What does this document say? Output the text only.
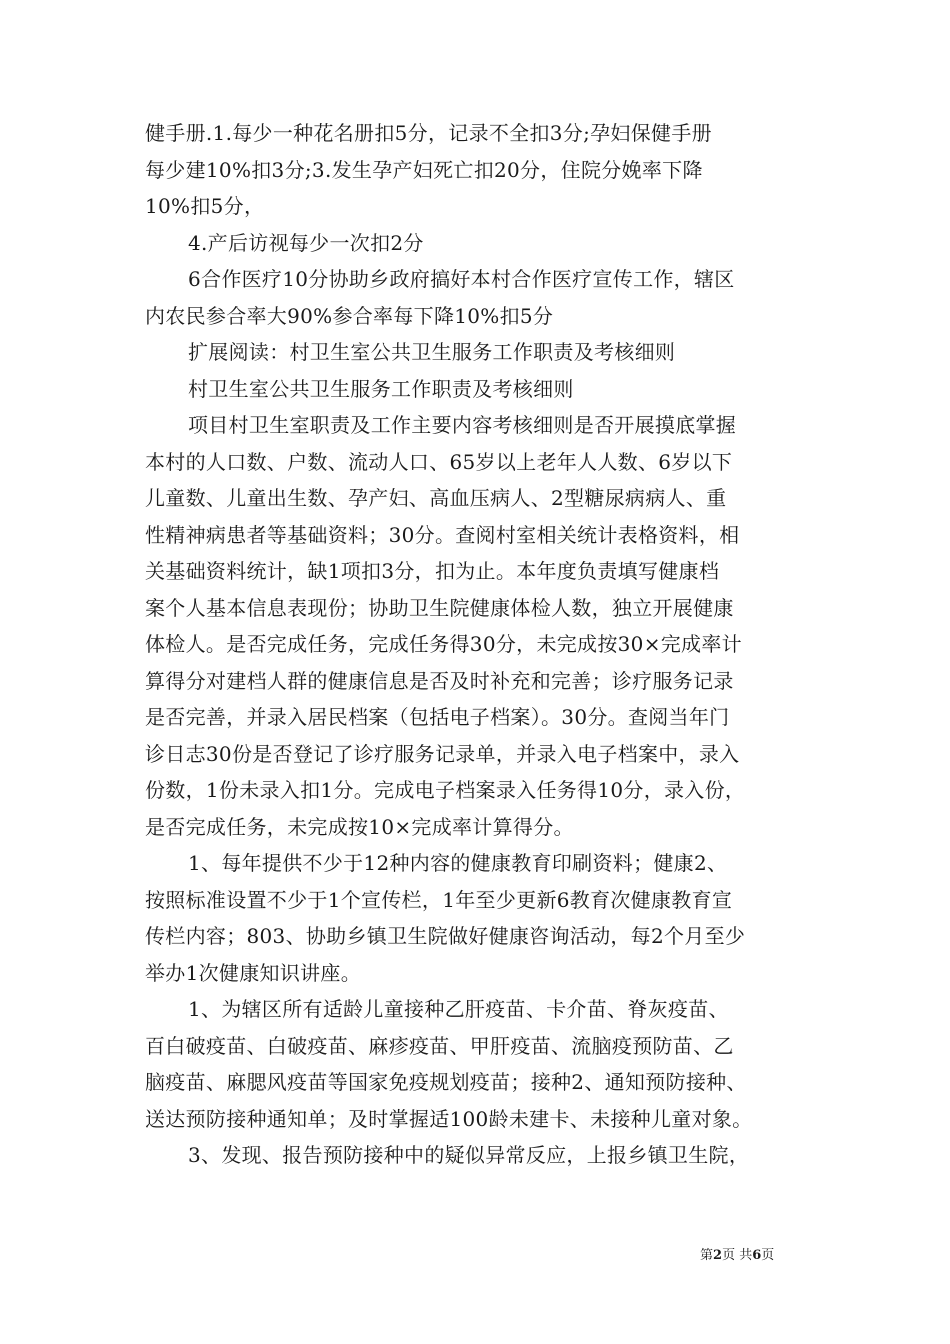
健手册.1.每少一种花名册扣5分，记录不全扣3分;孕妇保健手册
每少建10%扣3分;3.发生孕产妇死亡扣20分，住院分娩率下降
10%扣5分，
4.产后访视每少一次扣2分
6合作医疗10分协助乡政府搞好本村合作医疗宣传工作，辖区
内农民参合率大90%参合率每下降10%扣5分
扩展阅读：村卫生室公共卫生服务工作职责及考核细则
村卫生室公共卫生服务工作职责及考核细则
项目村卫生室职责及工作主要内容考核细则是否开展摸底掌握
本村的人口数、户数、流动人口、65岁以上老年人人数、6岁以下
儿童数、儿童出生数、孕产妇、高血压病人、2型糖尿病病人、重
性精神病患者等基础资料；30分。查阅村室相关统计表格资料，相
关基础资料统计，缺1项扣3分，扣为止。本年度负责填写健康档
案个人基本信息表现份；协助卫生院健康体检人数，独立开展健康
体检人。是否完成任务，完成任务得30分，未完成按30×完成率计
算得分对建档人群的健康信息是否及时补充和完善；诊疗服务记录
是否完善，并录入居民档案（包括电子档案）。30分。查阅当年门
诊日志30份是否登记了诊疗服务记录单，并录入电子档案中，录入
份数，1份未录入扣1分。完成电子档案录入任务得10分，录入份，
是否完成任务，未完成按10×完成率计算得分。
1、每年提供不少于12种内容的健康教育印刷资料；健康2、
按照标准设置不少于1个宣传栏，1年至少更新6教育次健康教育宣
传栏内容；803、协助乡镇卫生院做好健康咨询活动，每2个月至少
举办1次健康知识讲座。
1、为辖区所有适龄儿童接种乙肝疫苗、卡介苗、脊灰疫苗、
百白破疫苗、白破疫苗、麻疹疫苗、甲肝疫苗、流脑疫预防苗、乙
脑疫苗、麻腮风疫苗等国家免疫规划疫苗；接种2、通知预防接种、
送达预防接种通知单；及时掌握适100龄未建卡、未接种儿童对象。
3、发现、报告预防接种中的疑似异常反应，上报乡镇卫生院，
第2页 共6页
